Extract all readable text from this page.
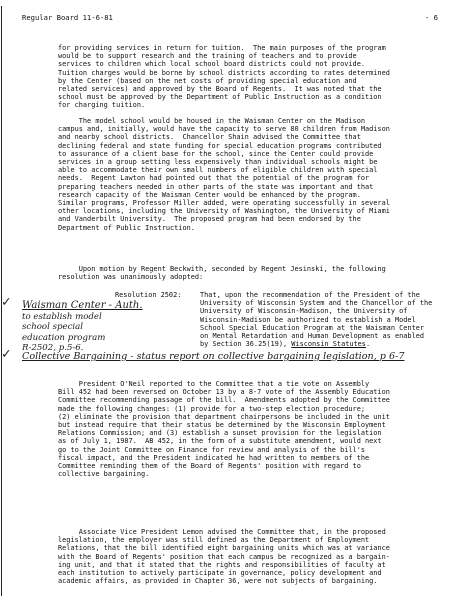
Regular Board 11-6-81	- 6

for providing services in return for tuition.  The main purposes of the program
would be to support research and the training of teachers and to provide
services to children which local school board districts could not provide.
Tuition charges would be borne by school districts according to rates determined
by the Center (based on the net costs of providing special education and
related services) and approved by the Board of Regents.  It was noted that the
school must be approved by the Department of Public Instruction as a condition
for charging tuition.

The model school would be housed in the Waisman Center on the Madison
campus and, initially, would have the capacity to serve 80 children from Madison
and nearby school districts.  Chancellor Shain advised the Committee that
declining federal and state funding for special education programs contributed
to assurance of a client base for the school, since the Center could provide
services in a group setting less expensively than individual schools might be
able to accommodate their own small numbers of eligible children with special
needs.  Regent Lawton had pointed out that the potential of the program for
preparing teachers needed in other parts of the state was important and that
research capacity of the Waisman Center would be enhanced by the program.
Similar programs, Professor Miller added, were operating successfully in several
other locations, including the University of Washington, the University of Miami
and Vanderbilt University.  The proposed program had been endorsed by the
Department of Public Instruction.

Upon motion by Regent Beckwith, seconded by Regent Jesinski, the following
resolution was unanimously adopted:

Resolution 2502:	That, upon the recommendation of the President of the
University of Wisconsin System and the Chancellor of the
University of Wisconsin-Madison, the University of
Wisconsin-Madison be authorized to establish a Model
School Special Education Program at the Waisman Center
on Mental Retardation and Human Development as enabled
by Section 36.25(19), Wisconsin Statutes.

✓ Waisman Center - Auth.
to establish model
school special
education program
R-2502, p.5-6.
✓ Collective Bargaining - status report on collective bargaining legislation, p 6-7

President O'Neil reported to the Committee that a tie vote on Assembly
Bill 452 had been reversed on October 13 by a 8-7 vote of the Assembly Education
Committee recommending passage of the bill.  Amendments adopted by the Committee
made the following changes: (1) provide for a two-step election procedure;
(2) eliminate the provision that department chairpersons be included in the unit
but instead require that their status be determined by the Wisconsin Employment
Relations Commission; and (3) establish a sunset provision for the legislation
as of July 1, 1987.  AB 452, in the form of a substitute amendment, would next
go to the Joint Committee on Finance for review and analysis of the bill's
fiscal impact, and the President indicated he had written to members of the
Committee reminding them of the Board of Regents' position with regard to
collective bargaining.

Associate Vice President Lemon advised the Committee that, in the proposed
legislation, the employer was still defined as the Department of Employment
Relations, that the bill identified eight bargaining units which was at variance
with the Board of Regents' position that each campus be recognized as a bargain-
ing unit, and that it stated that the rights and responsibilities of faculty at
each institution to actively participate in governance, policy development and
academic affairs, as provided in Chapter 36, were not subjects of bargaining.
